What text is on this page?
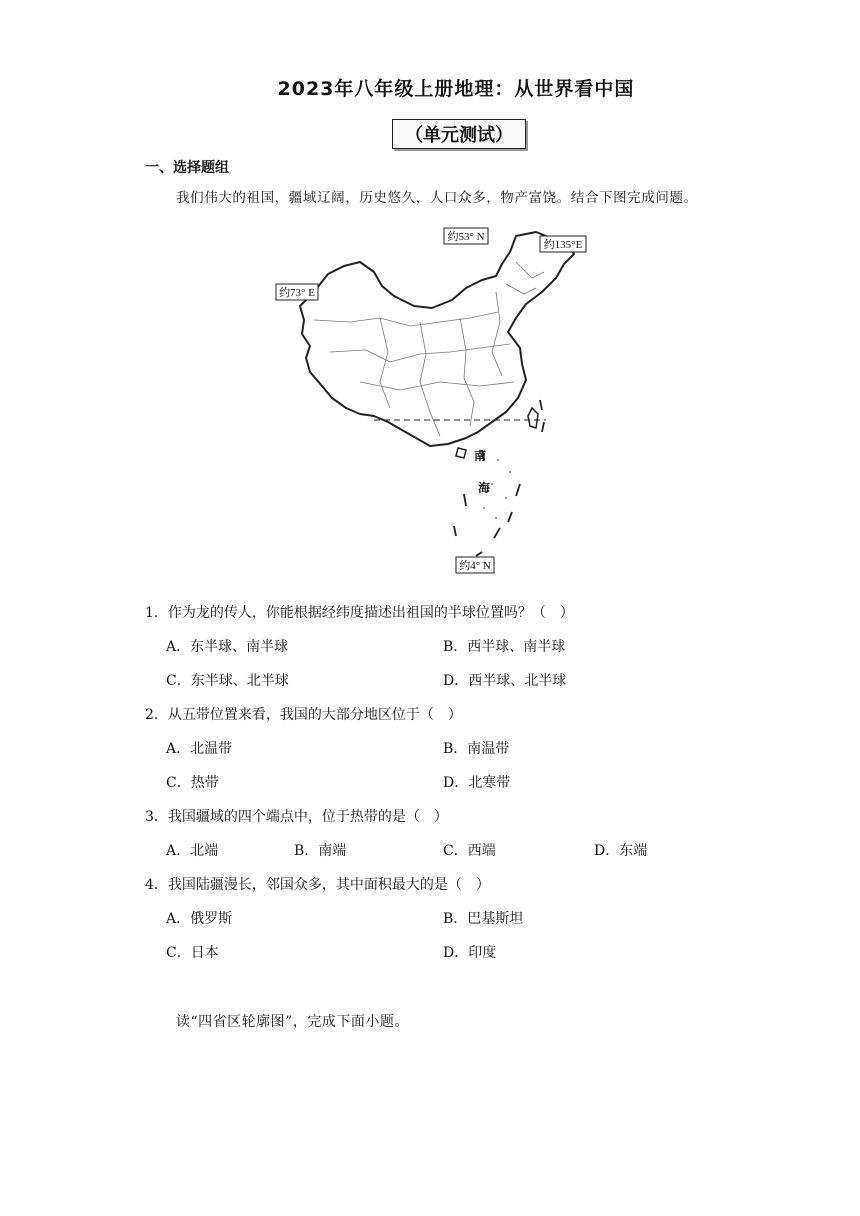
2023年八年级上册地理：从世界看中国
（单元测试）
一、选择题组
我们伟大的祖国，疆域辽阔，历史悠久，人口众多，物产富饶。结合下图完成问题。
约53° N
约135°E
约73° E
约4° N
南
海
1．作为龙的传人，你能根据经纬度描述出祖国的半球位置吗？（　）
A．东半球、南半球	B．西半球、南半球
C．东半球、北半球	D．西半球、北半球
2．从五带位置来看，我国的大部分地区位于（　）
A．北温带	B．南温带
C．热带	D．北寒带
3．我国疆域的四个端点中，位于热带的是（　）
A．北端	B．南端	C．西端	D．东端
4．我国陆疆漫长，邻国众多，其中面积最大的是（　）
A．俄罗斯	B．巴基斯坦
C．日本	D．印度
读“四省区轮廓图”，完成下面小题。
